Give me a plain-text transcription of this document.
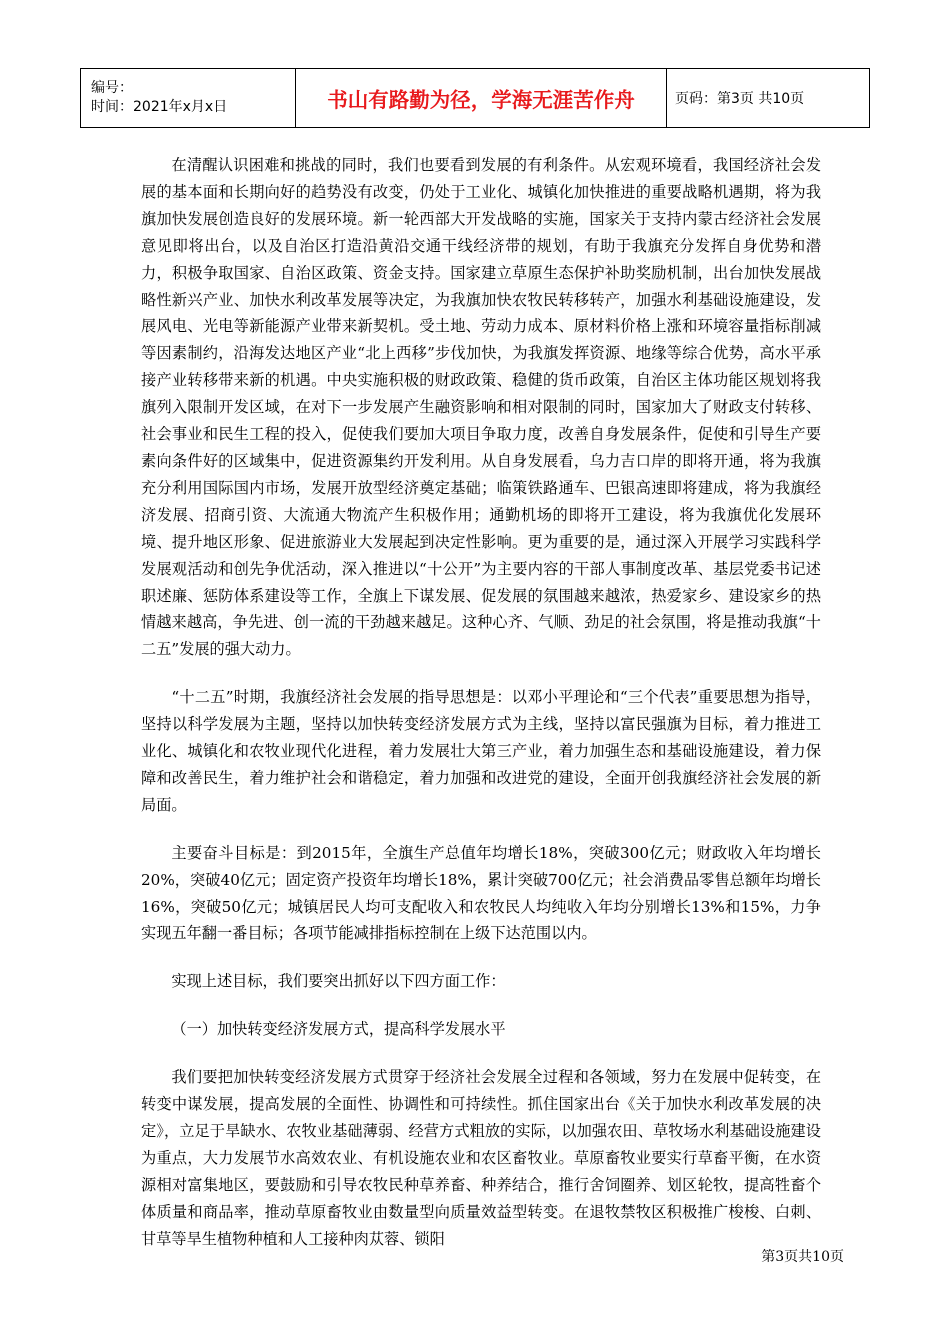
编号：
时间：2021年x月x日	书山有路勤为径，学海无涯苦作舟	页码：第3页 共10页

在清醒认识困难和挑战的同时，我们也要看到发展的有利条件。从宏观环境看，我国经济社会发展的基本面和长期向好的趋势没有改变，仍处于工业化、城镇化加快推进的重要战略机遇期，将为我旗加快发展创造良好的发展环境。新一轮西部大开发战略的实施，国家关于支持内蒙古经济社会发展意见即将出台，以及自治区打造沿黄沿交通干线经济带的规划，有助于我旗充分发挥自身优势和潜力，积极争取国家、自治区政策、资金支持。国家建立草原生态保护补助奖励机制，出台加快发展战略性新兴产业、加快水利改革发展等决定，为我旗加快农牧民转移转产，加强水利基础设施建设，发展风电、光电等新能源产业带来新契机。受土地、劳动力成本、原材料价格上涨和环境容量指标削减等因素制约，沿海发达地区产业“北上西移”步伐加快，为我旗发挥资源、地缘等综合优势，高水平承接产业转移带来新的机遇。中央实施积极的财政政策、稳健的货币政策，自治区主体功能区规划将我旗列入限制开发区域，在对下一步发展产生融资影响和相对限制的同时，国家加大了财政支付转移、社会事业和民生工程的投入，促使我们要加大项目争取力度，改善自身发展条件，促使和引导生产要素向条件好的区域集中，促进资源集约开发利用。从自身发展看，乌力吉口岸的即将开通，将为我旗充分利用国际国内市场，发展开放型经济奠定基础；临策铁路通车、巴银高速即将建成，将为我旗经济发展、招商引资、大流通大物流产生积极作用；通勤机场的即将开工建设，将为我旗优化发展环境、提升地区形象、促进旅游业大发展起到决定性影响。更为重要的是，通过深入开展学习实践科学发展观活动和创先争优活动，深入推进以“十公开”为主要内容的干部人事制度改革、基层党委书记述职述廉、惩防体系建设等工作，全旗上下谋发展、促发展的氛围越来越浓，热爱家乡、建设家乡的热情越来越高，争先进、创一流的干劲越来越足。这种心齐、气顺、劲足的社会氛围，将是推动我旗“十二五”发展的强大动力。

“十二五”时期，我旗经济社会发展的指导思想是：以邓小平理论和“三个代表”重要思想为指导，坚持以科学发展为主题，坚持以加快转变经济发展方式为主线，坚持以富民强旗为目标，着力推进工业化、城镇化和农牧业现代化进程，着力发展壮大第三产业，着力加强生态和基础设施建设，着力保障和改善民生，着力维护社会和谐稳定，着力加强和改进党的建设，全面开创我旗经济社会发展的新局面。

主要奋斗目标是：到2015年，全旗生产总值年均增长18%，突破300亿元；财政收入年均增长20%，突破40亿元；固定资产投资年均增长18%，累计突破700亿元；社会消费品零售总额年均增长16%，突破50亿元；城镇居民人均可支配收入和农牧民人均纯收入年均分别增长13%和15%，力争实现五年翻一番目标；各项节能减排指标控制在上级下达范围以内。

实现上述目标，我们要突出抓好以下四方面工作：

（一）加快转变经济发展方式，提高科学发展水平

我们要把加快转变经济发展方式贯穿于经济社会发展全过程和各领域，努力在发展中促转变，在转变中谋发展，提高发展的全面性、协调性和可持续性。抓住国家出台《关于加快水利改革发展的决定》，立足于旱缺水、农牧业基础薄弱、经营方式粗放的实际，以加强农田、草牧场水利基础设施建设为重点，大力发展节水高效农业、有机设施农业和农区畜牧业。草原畜牧业要实行草畜平衡，在水资源相对富集地区，要鼓励和引导农牧民种草养畜、种养结合，推行舍饲圈养、划区轮牧，提高牲畜个体质量和商品率，推动草原畜牧业由数量型向质量效益型转变。在退牧禁牧区积极推广梭梭、白刺、甘草等旱生植物种植和人工接种肉苁蓉、锁阳

第3页共10页
